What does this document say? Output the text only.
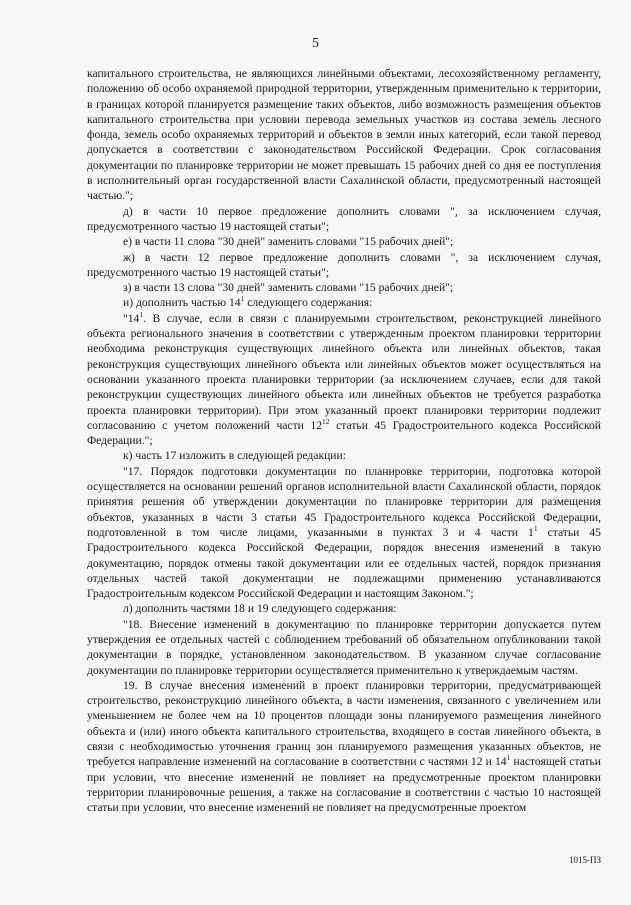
5

капитального строительства, не являющихся линейными объектами, лесохозяйственному регламенту, положению об особо охраняемой природной территории, утвержденным применительно к территории, в границах которой планируется размещение таких объектов, либо возможность размещения объектов капитального строительства при условии перевода земельных участков из состава земель лесного фонда, земель особо охраняемых территорий и объектов в земли иных категорий, если такой перевод допускается в соответствии с законодательством Российской Федерации. Срок согласования документации по планировке территории не может превышать 15 рабочих дней со дня ее поступления в исполнительный орган государственной власти Сахалинской области, предусмотренный настоящей частью.";

д) в части 10 первое предложение дополнить словами ", за исключением случая, предусмотренного частью 19 настоящей статьи";

е) в части 11 слова "30 дней" заменить словами "15 рабочих дней";

ж) в части 12 первое предложение дополнить словами ", за исключением случая, предусмотренного частью 19 настоящей статьи";

з) в части 13 слова "30 дней" заменить словами "15 рабочих дней";

и) дополнить частью $14^1$ следующего содержания:

"$14^1$. В случае, если в связи с планируемыми строительством, реконструкцией линейного объекта регионального значения в соответствии с утвержденным проектом планировки территории необходима реконструкция существующих линейного объекта или линейных объектов, такая реконструкция существующих линейного объекта или линейных объектов может осуществляться на основании указанного проекта планировки территории (за исключением случаев, если для такой реконструкции существующих линейного объекта или линейных объектов не требуется разработка проекта планировки территории). При этом указанный проект планировки территории подлежит согласованию с учетом положений части $12^{12}$ статьи 45 Градостроительного кодекса Российской Федерации.";

к) часть 17 изложить в следующей редакции:

"17. Порядок подготовки документации по планировке территории, подготовка которой осуществляется на основании решений органов исполнительной власти Сахалинской области, порядок принятия решения об утверждении документации по планировке территории для размещения объектов, указанных в части 3 статьи 45 Градостроительного кодекса Российской Федерации, подготовленной в том числе лицами, указанными в пунктах 3 и 4 части $1^1$ статьи 45 Градостроительного кодекса Российской Федерации, порядок внесения изменений в такую документацию, порядок отмены такой документации или ее отдельных частей, порядок признания отдельных частей такой документации не подлежащими применению устанавливаются Градостроительным кодексом Российской Федерации и настоящим Законом.";

л) дополнить частями 18 и 19 следующего содержания:

"18. Внесение изменений в документацию по планировке территории допускается путем утверждения ее отдельных частей с соблюдением требований об обязательном опубликовании такой документации в порядке, установленном законодательством. В указанном случае согласование документации по планировке территории осуществляется применительно к утверждаемым частям.

19. В случае внесения изменений в проект планировки территории, предусматривающей строительство, реконструкцию линейного объекта, в части изменения, связанного с увеличением или уменьшением не более чем на 10 процентов площади зоны планируемого размещения линейного объекта и (или) иного объекта капитального строительства, входящего в состав линейного объекта, в связи с необходимостью уточнения границ зон планируемого размещения указанных объектов, не требуется направление изменений на согласование в соответствии с частями 12 и $14^1$ настоящей статьи при условии, что внесение изменений не повлияет на предусмотренные проектом планировки территории планировочные решения, а также на согласование в соответствии с частью 10 настоящей статьи при условии, что внесение изменений не повлияет на предусмотренные проектом

1015-ПЗ
